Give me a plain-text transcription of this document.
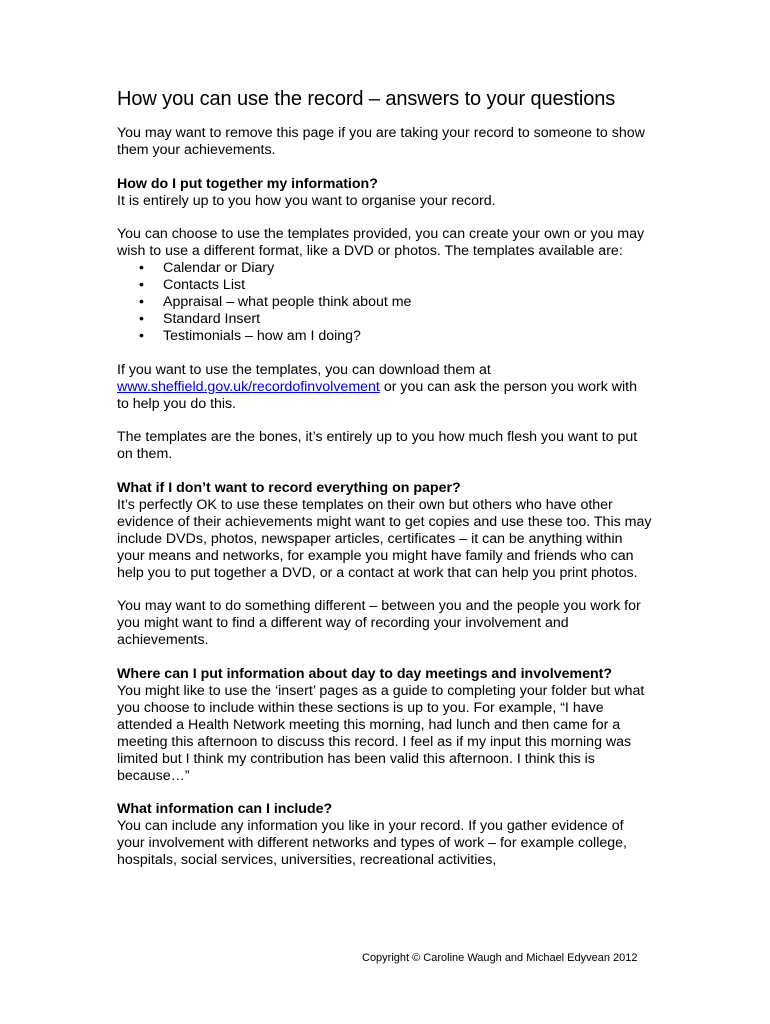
How you can use the record – answers to your questions

You may want to remove this page if you are taking your record to someone to show them your achievements.

How do I put together my information?
It is entirely up to you how you want to organise your record.

You can choose to use the templates provided, you can create your own or you may wish to use a different format, like a DVD or photos. The templates available are:

• Calendar or Diary
• Contacts List
• Appraisal – what people think about me
• Standard Insert
• Testimonials – how am I doing?

If you want to use the templates, you can download them at
www.sheffield.gov.uk/recordofinvolvement or you can ask the person you work with to help you do this.

The templates are the bones, it’s entirely up to you how much flesh you want to put on them.

What if I don’t want to record everything on paper?
It’s perfectly OK to use these templates on their own but others who have other evidence of their achievements might want to get copies and use these too. This may include DVDs, photos, newspaper articles, certificates – it can be anything within your means and networks, for example you might have family and friends who can help you to put together a DVD, or a contact at work that can help you print photos.

You may want to do something different – between you and the people you work for you might want to find a different way of recording your involvement and achievements.

Where can I put information about day to day meetings and involvement?
You might like to use the ‘insert’ pages as a guide to completing your folder but what you choose to include within these sections is up to you. For example, “I have attended a Health Network meeting this morning, had lunch and then came for a meeting this afternoon to discuss this record. I feel as if my input this morning was limited but I think my contribution has been valid this afternoon. I think this is because…”

What information can I include?
You can include any information you like in your record. If you gather evidence of your involvement with different networks and types of work – for example college, hospitals, social services, universities, recreational activities,

Copyright © Caroline Waugh and Michael Edyvean 2012
